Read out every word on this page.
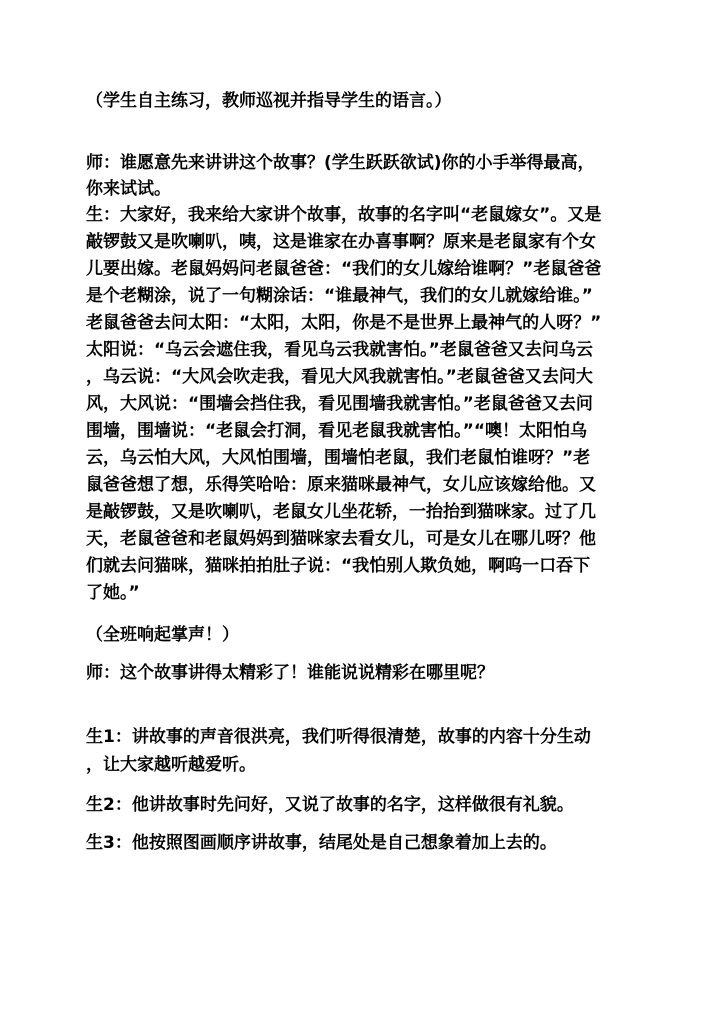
（学生自主练习，教师巡视并指导学生的语言。）
师：谁愿意先来讲讲这个故事？(学生跃跃欲试)你的小手举得最高，
你来试试。
生：大家好，我来给大家讲个故事，故事的名字叫“老鼠嫁女”。又是
敲锣鼓又是吹喇叭，咦，这是谁家在办喜事啊？原来是老鼠家有个女
儿要出嫁。老鼠妈妈问老鼠爸爸：“我们的女儿嫁给谁啊？”老鼠爸爸
是个老糊涂，说了一句糊涂话：“谁最神气，我们的女儿就嫁给谁。”
老鼠爸爸去问太阳：“太阳，太阳，你是不是世界上最神气的人呀？”
太阳说：“乌云会遮住我，看见乌云我就害怕。”老鼠爸爸又去问乌云
，乌云说：“大风会吹走我，看见大风我就害怕。”老鼠爸爸又去问大
风，大风说：“围墙会挡住我，看见围墙我就害怕。”老鼠爸爸又去问
围墙，围墙说：“老鼠会打洞，看见老鼠我就害怕。”“噢！太阳怕乌
云，乌云怕大风，大风怕围墙，围墙怕老鼠，我们老鼠怕谁呀？”老
鼠爸爸想了想，乐得笑哈哈：原来猫咪最神气，女儿应该嫁给他。又
是敲锣鼓，又是吹喇叭，老鼠女儿坐花轿，一抬抬到猫咪家。过了几
天，老鼠爸爸和老鼠妈妈到猫咪家去看女儿，可是女儿在哪儿呀？他
们就去问猫咪，猫咪拍拍肚子说：“我怕别人欺负她，啊呜一口吞下
了她。”
（全班响起掌声！）
师：这个故事讲得太精彩了！谁能说说精彩在哪里呢？
生1：讲故事的声音很洪亮，我们听得很清楚，故事的内容十分生动
，让大家越听越爱听。
生2：他讲故事时先问好，又说了故事的名字，这样做很有礼貌。
生3：他按照图画顺序讲故事，结尾处是自己想象着加上去的。
